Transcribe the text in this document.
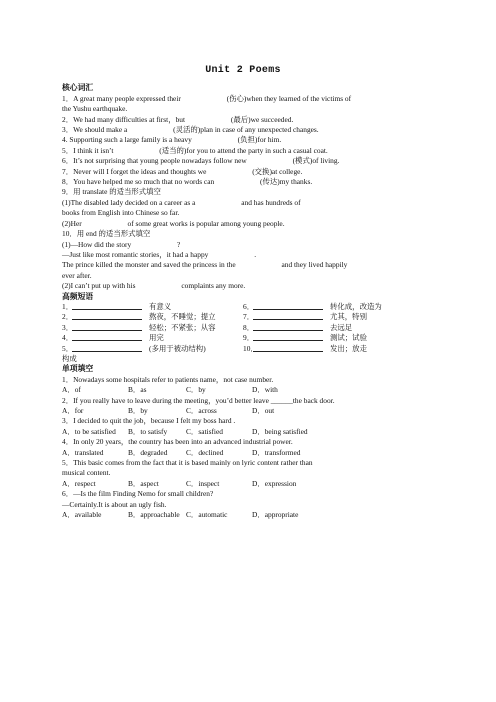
Unit 2 Poems
核心词汇
1．A great many people expressed their	(伤心)when they learned of the victims of
the Yushu earthquake.
2．We had many difficulties at first，but	(最后)we succeeded.
3．We should make a	(灵活的)plan in case of any unexpected changes.
4. Supporting such a large family is a heavy	(负担)for him.
5．I think it isn’t	(适当的)for you to attend the party in such a casual coat.
6．It’s not surprising that young people nowadays follow new	(模式)of living.
7．Never will I forget the ideas and thoughts we	(交换)at college.
8．You have helped me so much that no words can	(传达)my thanks.
9．用 translate 的适当形式填空
(1)The disabled lady decided on a career as a	and has hundreds of
books from English into Chinese so far.
(2)Her	of some great works is popular among young people.
10．用 end 的适当形式填空
(1)—How did the story	?
—Just like most romantic stories，it had a happy	.
The prince killed the monster and saved the princess in the	and they lived happily
ever after.
(2)I can’t put up with his	complaints any more.
高频短语
1．	有意义	6．	转化成，改造为
2．	熬夜，不睡觉；提立	7．	尤其，特别
3．	轻松；不紧张；从容	8．	去远足
4．	用完	9．	测试；试验
5．	(多用于被动结构)	10．	发出；放走
构成
单项填空
1．Nowadays some hospitals refer to patients name，not case number.
A．of	B．as	C．by	D．with
2．If you really have to leave during the meeting，you’d better leave ______the back door.
A．for	B．by	C．across	D．out
3．I decided to quit the job，because I felt my boss hard .
A．to be satisfied	B．to satisfy	C．satisfied	D．being satisfied
4．In only 20 years，the country has been into an advanced industrial power.
A．translated	B．degraded	C．declined	D．transformed
5．This basic comes from the fact that it is based mainly on lyric content rather than
musical content.
A．respect	B．aspect	C．inspect	D．expression
6．—Is the film Finding Nemo for small children?
—Certainly.It is about an ugly fish.
A．available	B．approachable C．automatic	D．appropriate
